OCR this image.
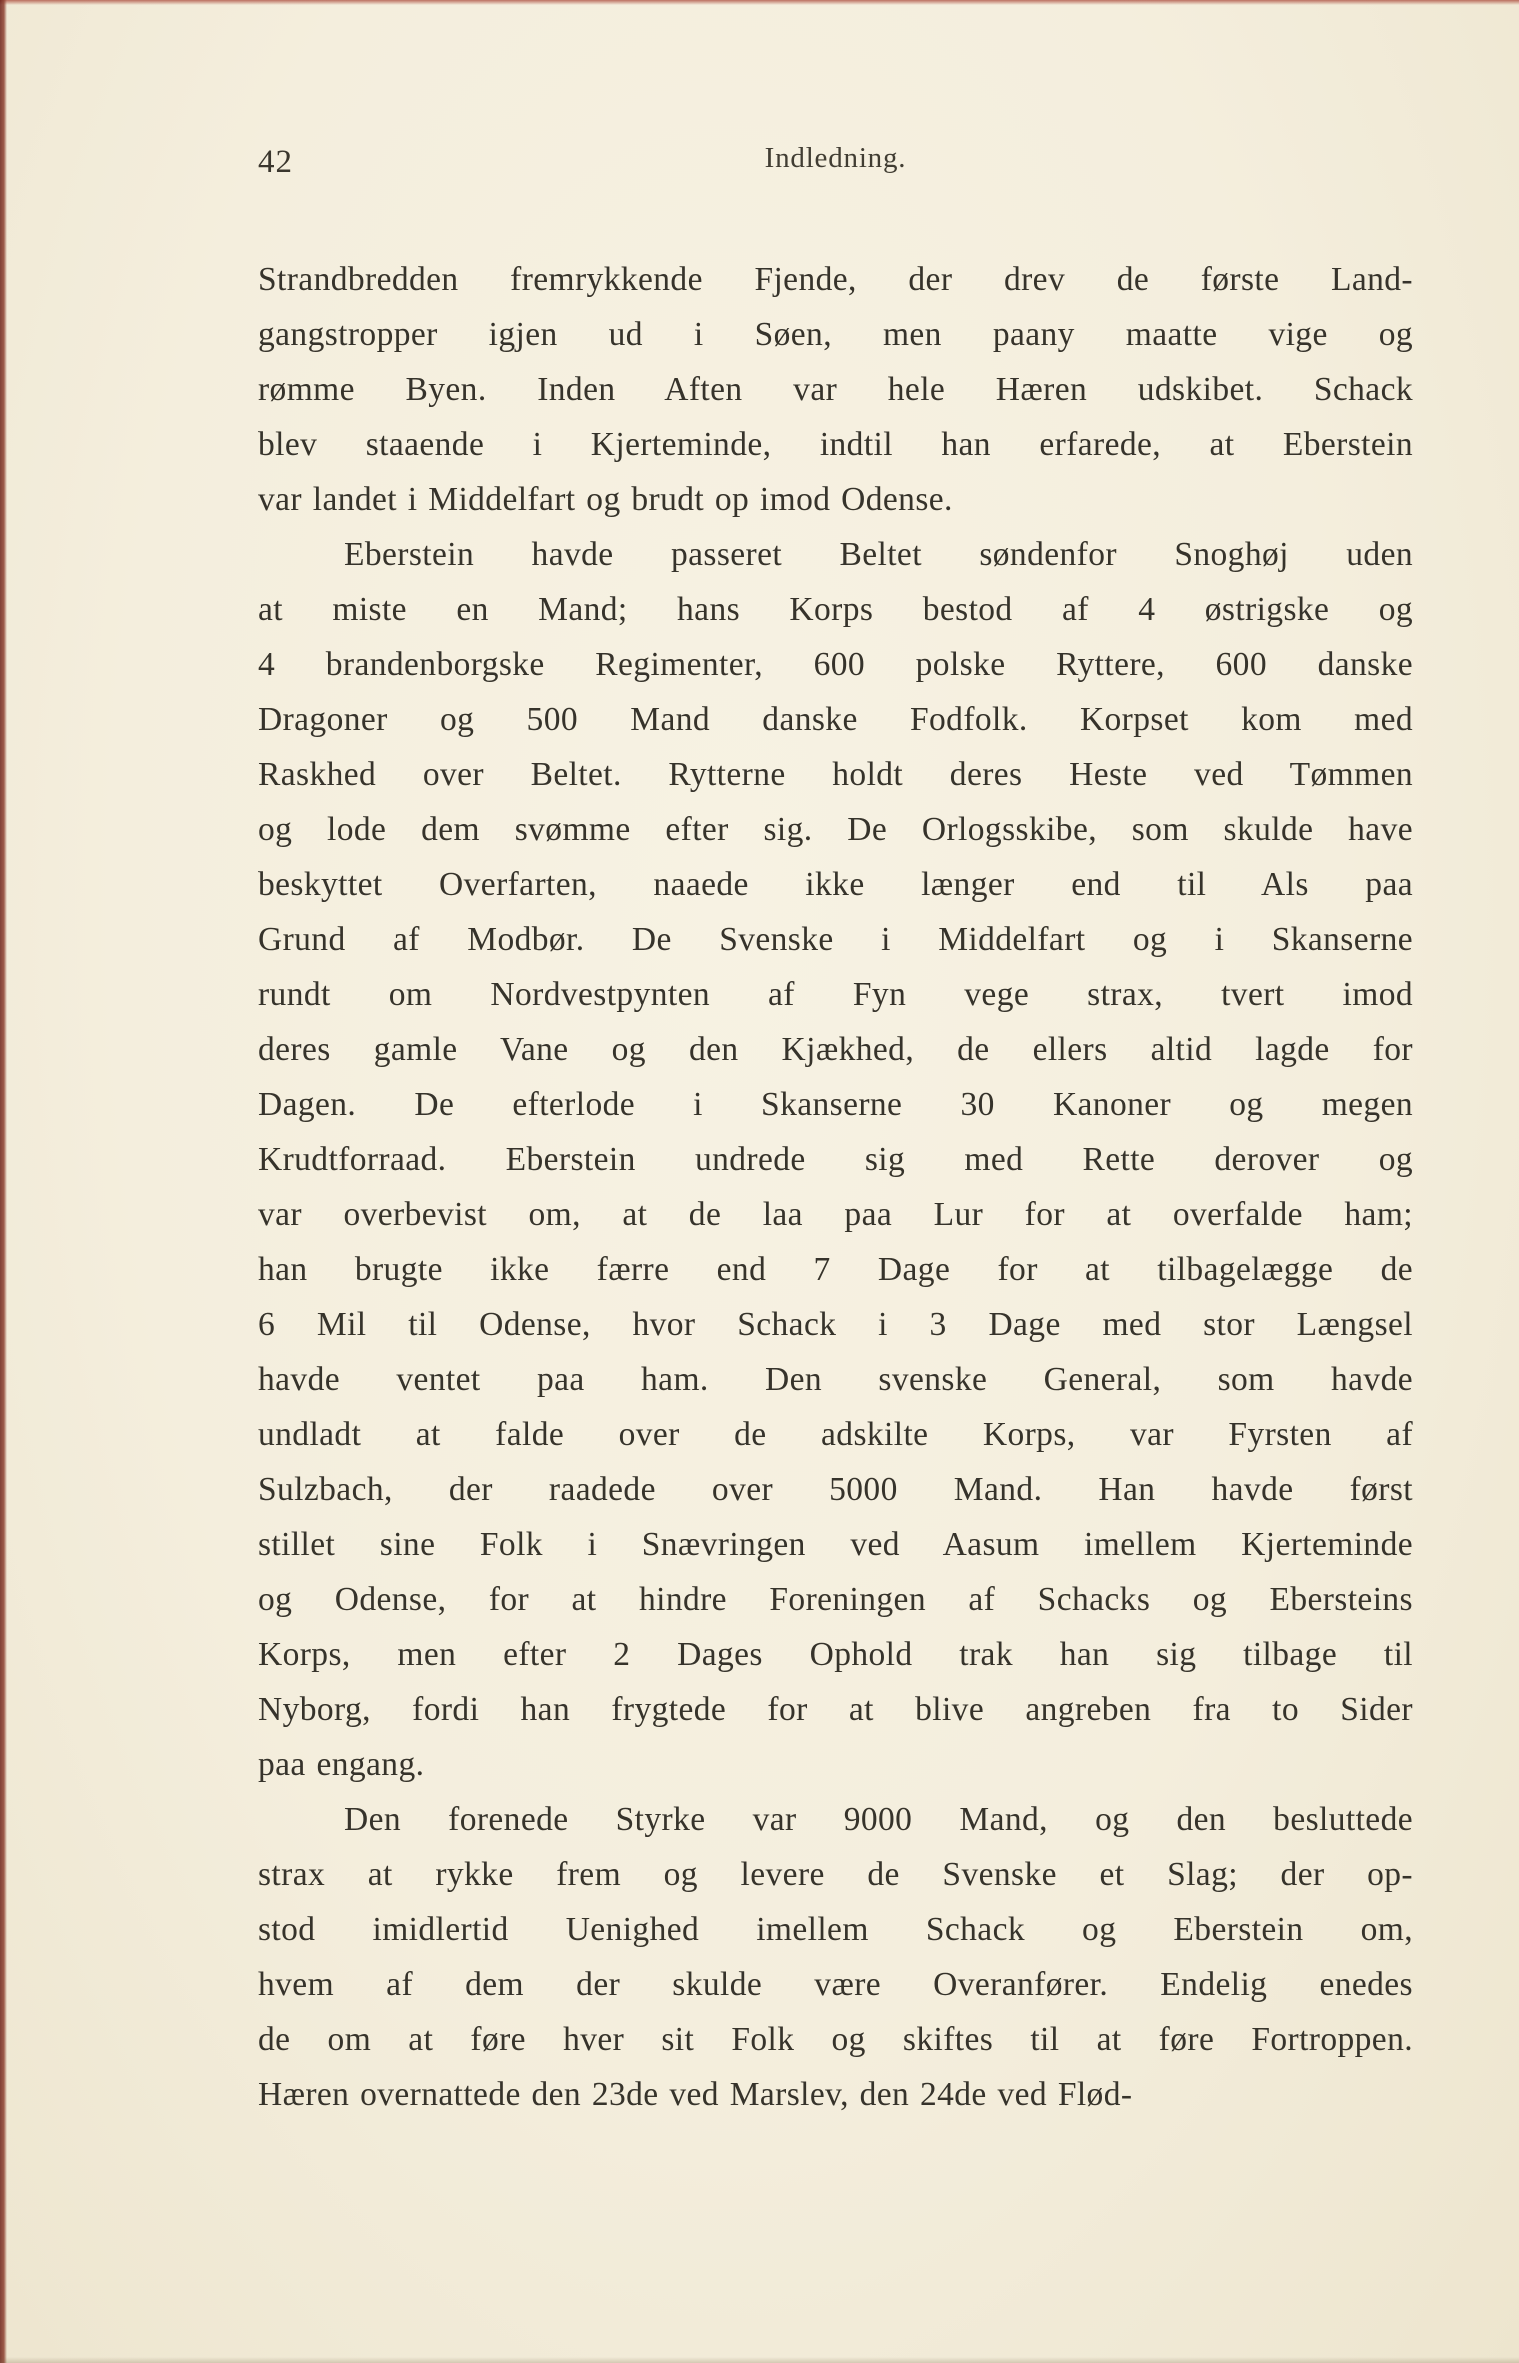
42	Indledning.
Strandbredden fremrykkende Fjende, der drev de første Land-
gangstropper igjen ud i Søen, men paany maatte vige og
rømme Byen. Inden Aften var hele Hæren udskibet. Schack
blev staaende i Kjerteminde, indtil han erfarede, at Eberstein
var landet i Middelfart og brudt op imod Odense.
Eberstein havde passeret Beltet søndenfor Snoghøj uden
at miste en Mand; hans Korps bestod af 4 østrigske og
4 brandenborgske Regimenter, 600 polske Ryttere, 600 danske
Dragoner og 500 Mand danske Fodfolk. Korpset kom med
Raskhed over Beltet. Rytterne holdt deres Heste ved Tømmen
og lode dem svømme efter sig. De Orlogsskibe, som skulde have
beskyttet Overfarten, naaede ikke længer end til Als paa
Grund af Modbør. De Svenske i Middelfart og i Skanserne
rundt om Nordvestpynten af Fyn vege strax, tvert imod
deres gamle Vane og den Kjækhed, de ellers altid lagde for
Dagen. De efterlode i Skanserne 30 Kanoner og megen
Krudtforraad. Eberstein undrede sig med Rette derover og
var overbevist om, at de laa paa Lur for at overfalde ham;
han brugte ikke færre end 7 Dage for at tilbagelægge de
6 Mil til Odense, hvor Schack i 3 Dage med stor Længsel
havde ventet paa ham. Den svenske General, som havde
undladt at falde over de adskilte Korps, var Fyrsten af
Sulzbach, der raadede over 5000 Mand. Han havde først
stillet sine Folk i Snævringen ved Aasum imellem Kjerteminde
og Odense, for at hindre Foreningen af Schacks og Ebersteins
Korps, men efter 2 Dages Ophold trak han sig tilbage til
Nyborg, fordi han frygtede for at blive angreben fra to Sider
paa engang.
Den forenede Styrke var 9000 Mand, og den besluttede
strax at rykke frem og levere de Svenske et Slag; der op-
stod imidlertid Uenighed imellem Schack og Eberstein om,
hvem af dem der skulde være Overanfører. Endelig enedes
de om at føre hver sit Folk og skiftes til at føre Fortroppen.
Hæren overnattede den 23de ved Marslev, den 24de ved Flød-
